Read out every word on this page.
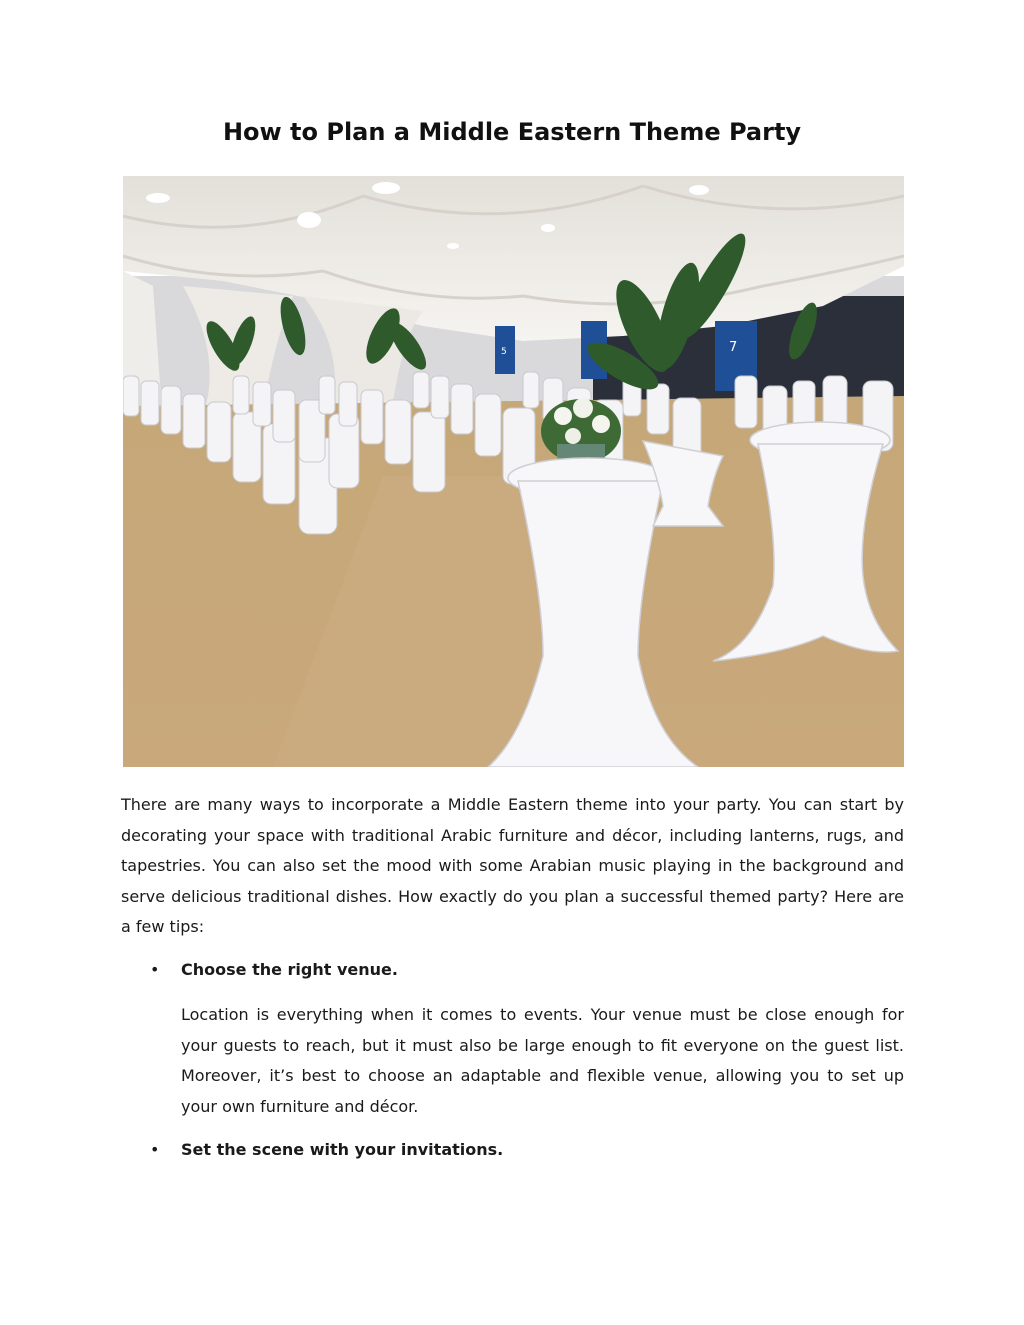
How to Plan a Middle Eastern Theme Party
5	7

There are many ways to incorporate a Middle Eastern theme into your party. You can start by decorating your space with traditional Arabic furniture and décor, including lanterns, rugs, and tapestries. You can also set the mood with some Arabian music playing in the background and serve delicious traditional dishes. How exactly do you plan a successful themed party? Here are a few tips:

• Choose the right venue.

Location is everything when it comes to events. Your venue must be close enough for your guests to reach, but it must also be large enough to fit everyone on the guest list. Moreover, it’s best to choose an adaptable and flexible venue, allowing you to set up your own furniture and décor.

• Set the scene with your invitations.
